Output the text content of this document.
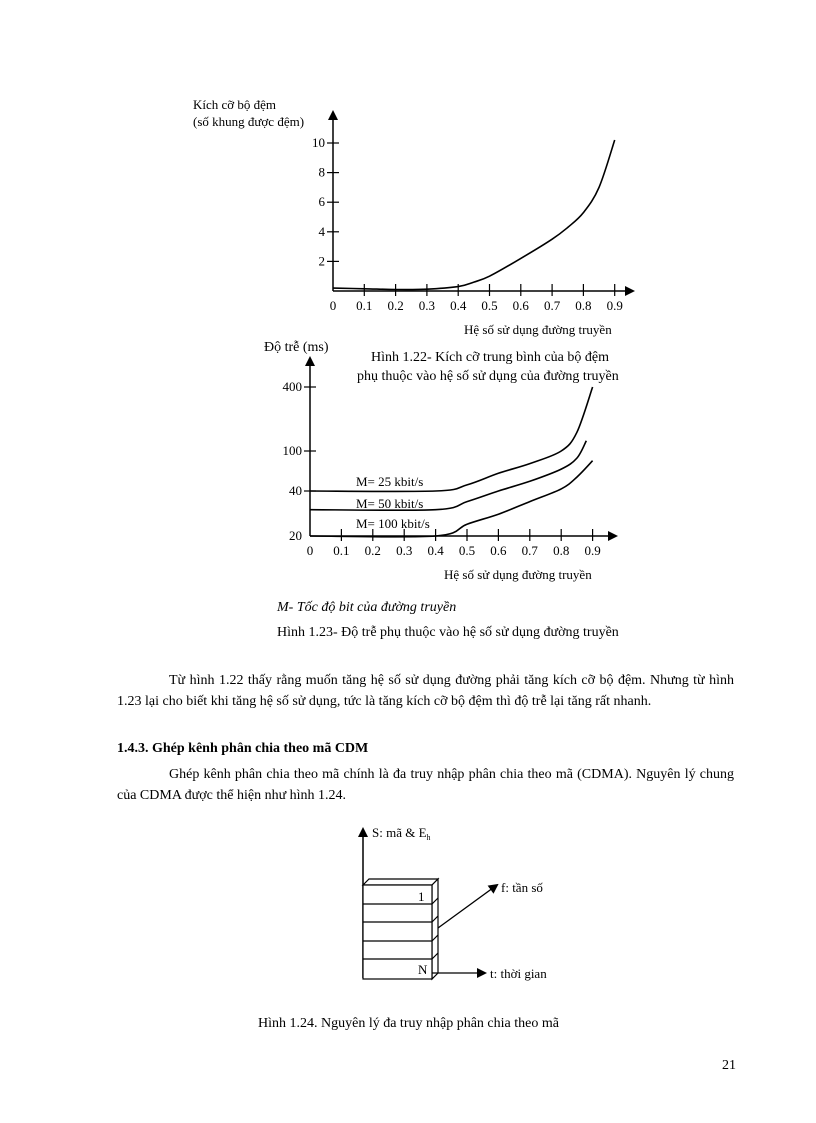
Kích cỡ bộ đệm
(số khung được đệm)
10
8
6
4
2
0 0.1 0.2 0.3 0.4 0.5 0.6 0.7 0.8 0.9
Hệ số sử dụng đường truyền
Hình 1.22- Kích cỡ trung bình của bộ đệm
phụ thuộc vào hệ số sử dụng của đường truyền
Độ trễ (ms)
400
100
40
20
0 0.1 0.2 0.3 0.4 0.5 0.6 0.7 0.8 0.9
M= 25 kbit/s
M= 50 kbit/s
M= 100 kbit/s
Hệ số sử dụng đường truyền
M- Tốc độ bit của đường truyền
Hình 1.23- Độ trễ phụ thuộc vào hệ số sử dụng đường truyền

Từ hình 1.22 thấy rằng muốn tăng hệ số sử dụng đường phải tăng kích cỡ bộ đệm. Nhưng từ hình 1.23 lại cho biết khi tăng hệ số sử dụng, tức là tăng kích cỡ bộ đệm thì độ trễ lại tăng rất nhanh.

1.4.3. Ghép kênh phân chia theo mã CDM

Ghép kênh phân chia theo mã chính là đa truy nhập phân chia theo mã (CDMA). Nguyên lý chung của CDMA được thể hiện như hình 1.24.

S: mã & $E_h$
1
N
f: tần số
t: thời gian
Hình 1.24. Nguyên lý đa truy nhập phân chia theo mã

21
